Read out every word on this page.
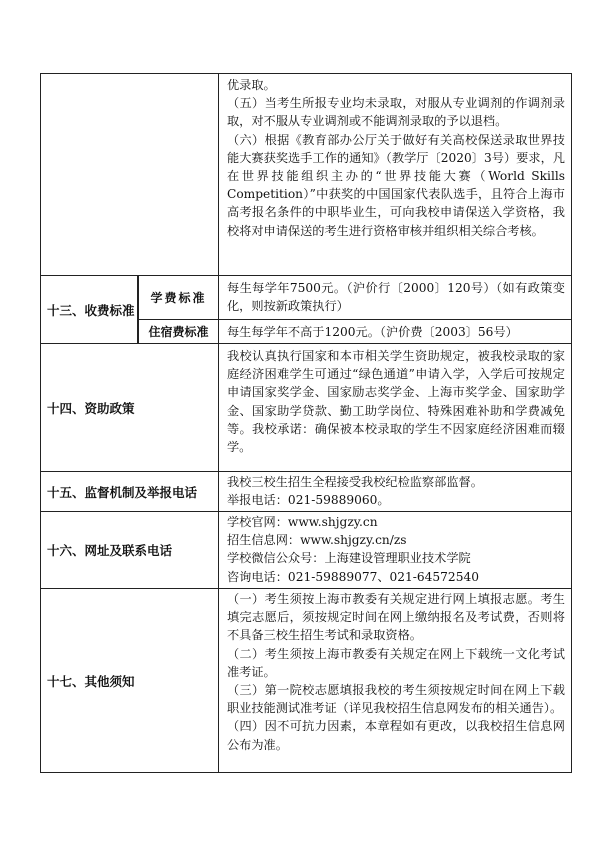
优录取。

（五）当考生所报专业均未录取，对服从专业调剂的作调剂录取，对不服从专业调剂或不能调剂录取的予以退档。

（六）根据《教育部办公厅关于做好有关高校保送录取世界技能大赛获奖选手工作的通知》（教学厅〔2020〕3号）要求，凡在世界技能组织主办的“世界技能大赛（World Skills Competition）”中获奖的中国国家代表队选手，且符合上海市高考报名条件的中职毕业生，可向我校申请保送入学资格，我校将对申请保送的考生进行资格审核并组织相关综合考核。

十三、收费标准
学费标准
住宿费标准

每生每学年7500元。（沪价行〔2000〕120号）（如有政策变化，则按新政策执行）

每生每学年不高于1200元。（沪价费〔2003〕56号）

十四、资助政策

我校认真执行国家和本市相关学生资助规定，被我校录取的家庭经济困难学生可通过“绿色通道”申请入学，入学后可按规定申请国家奖学金、国家励志奖学金、上海市奖学金、国家助学金、国家助学贷款、勤工助学岗位、特殊困难补助和学费减免等。我校承诺：确保被本校录取的学生不因家庭经济困难而辍学。

十五、监督机制及举报电话

我校三校生招生全程接受我校纪检监察部监督。

举报电话：021-59889060。

十六、网址及联系电话

学校官网：www.shjgzy.cn

招生信息网：www.shjgzy.cn/zs

学校微信公众号：上海建设管理职业技术学院

咨询电话：021-59889077、021-64572540

十七、其他须知

（一）考生须按上海市教委有关规定进行网上填报志愿。考生填完志愿后，须按规定时间在网上缴纳报名及考试费，否则将不具备三校生招生考试和录取资格。

（二）考生须按上海市教委有关规定在网上下载统一文化考试准考证。

（三）第一院校志愿填报我校的考生须按规定时间在网上下载职业技能测试准考证（详见我校招生信息网发布的相关通告）。

（四）因不可抗力因素，本章程如有更改，以我校招生信息网公布为准。
